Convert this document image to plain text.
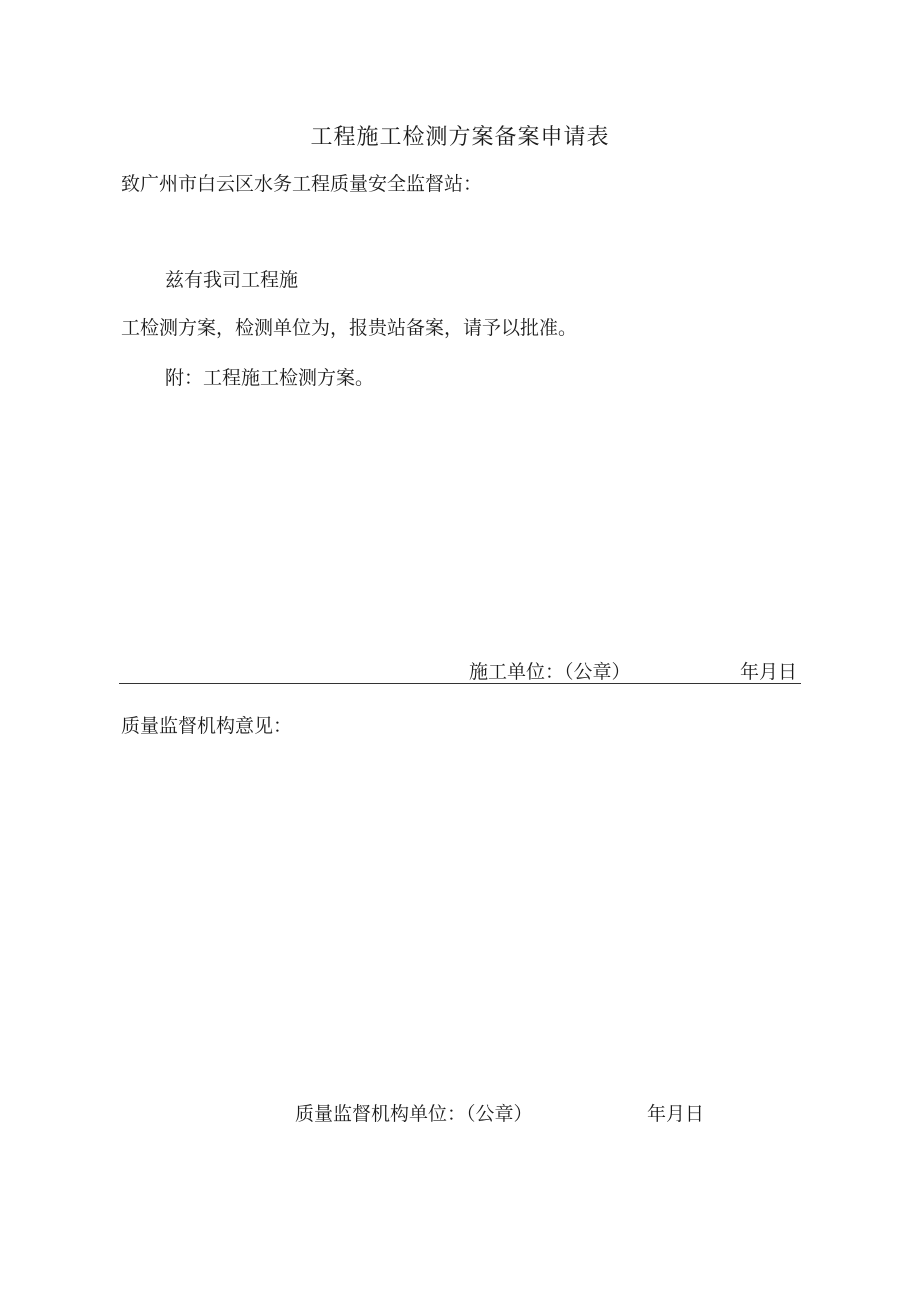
工程施工检测方案备案申请表
致广州市白云区水务工程质量安全监督站：
兹有我司工程施
工检测方案，检测单位为，报贵站备案，请予以批准。
附：工程施工检测方案。
施工单位：（公章）	年月日
质量监督机构意见：
质量监督机构单位：（公章）	年月日
